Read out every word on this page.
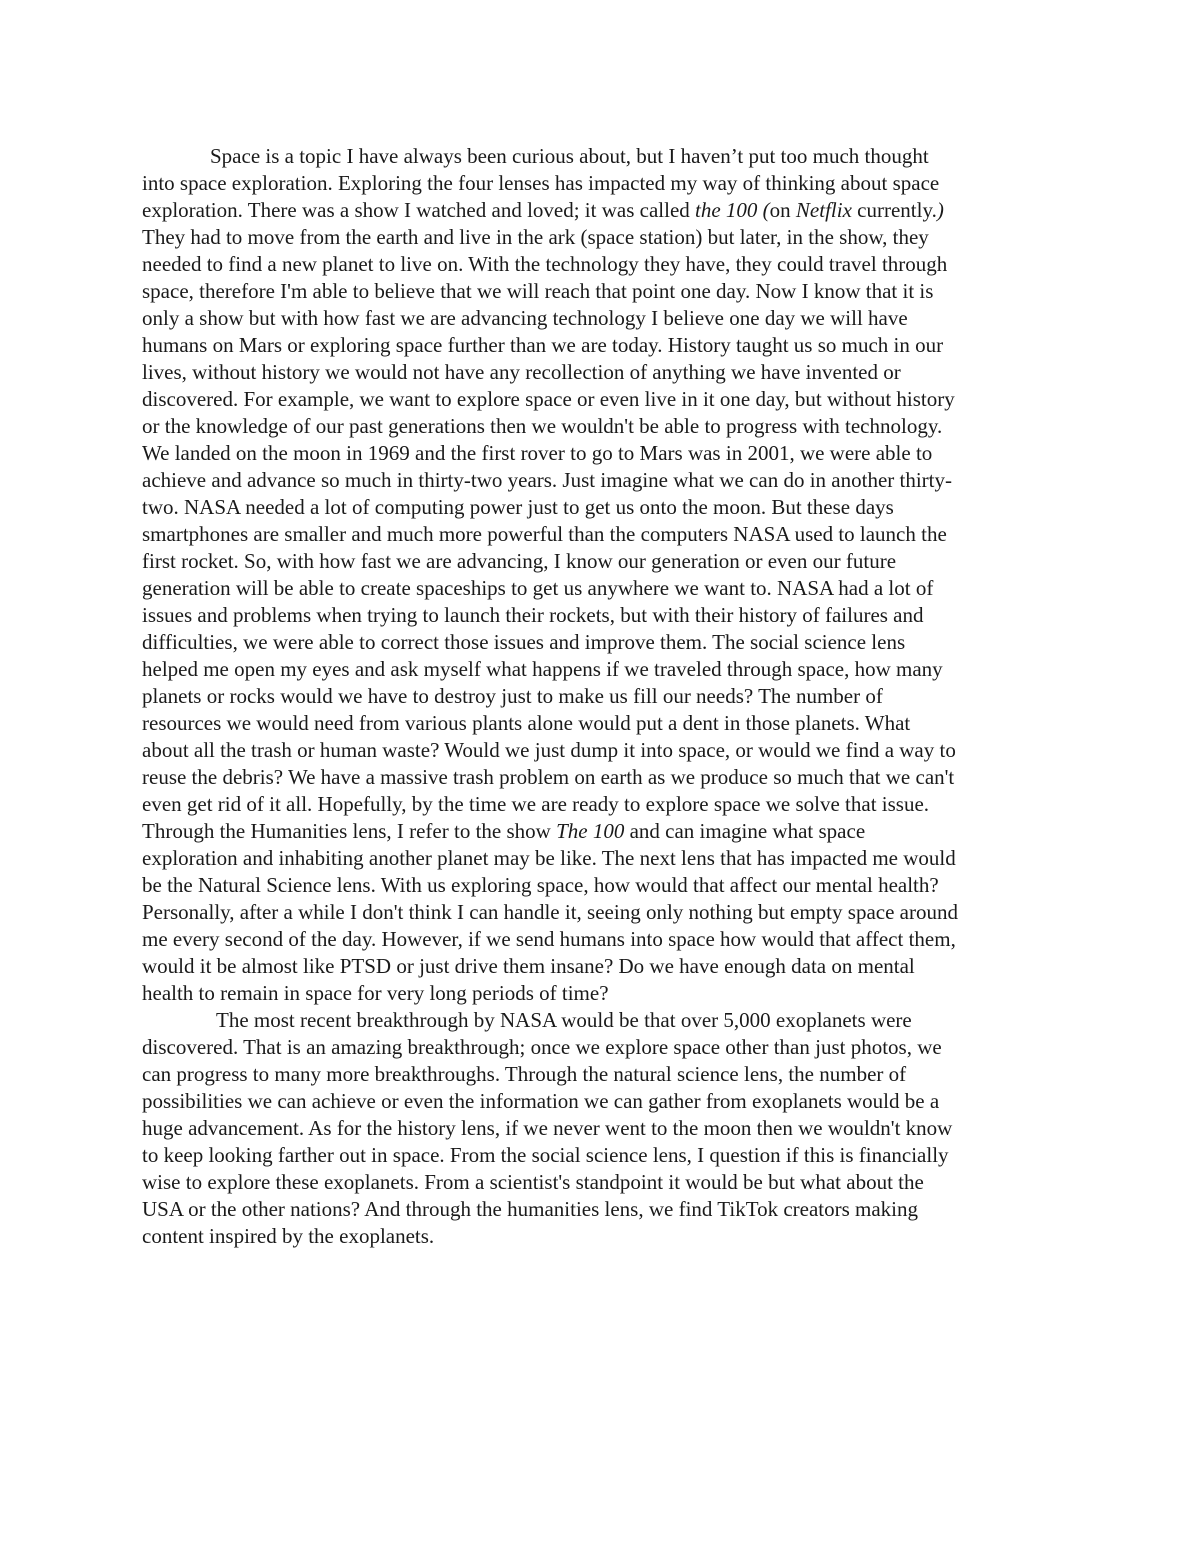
Space is a topic I have always been curious about, but I haven’t put too much thought
into space exploration. Exploring the four lenses has impacted my way of thinking about space
exploration. There was a show I watched and loved; it was called the 100 (on Netflix currently.)
They had to move from the earth and live in the ark (space station) but later, in the show, they
needed to find a new planet to live on. With the technology they have, they could travel through
space, therefore I'm able to believe that we will reach that point one day. Now I know that it is
only a show but with how fast we are advancing technology I believe one day we will have
humans on Mars or exploring space further than we are today. History taught us so much in our
lives, without history we would not have any recollection of anything we have invented or
discovered. For example, we want to explore space or even live in it one day, but without history
or the knowledge of our past generations then we wouldn't be able to progress with technology.
We landed on the moon in 1969 and the first rover to go to Mars was in 2001, we were able to
achieve and advance so much in thirty-two years. Just imagine what we can do in another thirty-
two. NASA needed a lot of computing power just to get us onto the moon. But these days
smartphones are smaller and much more powerful than the computers NASA used to launch the
first rocket. So, with how fast we are advancing, I know our generation or even our future
generation will be able to create spaceships to get us anywhere we want to. NASA had a lot of
issues and problems when trying to launch their rockets, but with their history of failures and
difficulties, we were able to correct those issues and improve them. The social science lens
helped me open my eyes and ask myself what happens if we traveled through space, how many
planets or rocks would we have to destroy just to make us fill our needs? The number of
resources we would need from various plants alone would put a dent in those planets. What
about all the trash or human waste? Would we just dump it into space, or would we find a way to
reuse the debris? We have a massive trash problem on earth as we produce so much that we can't
even get rid of it all. Hopefully, by the time we are ready to explore space we solve that issue.
Through the Humanities lens, I refer to the show The 100 and can imagine what space
exploration and inhabiting another planet may be like. The next lens that has impacted me would
be the Natural Science lens. With us exploring space, how would that affect our mental health?
Personally, after a while I don't think I can handle it, seeing only nothing but empty space around
me every second of the day. However, if we send humans into space how would that affect them,
would it be almost like PTSD or just drive them insane? Do we have enough data on mental
health to remain in space for very long periods of time?
The most recent breakthrough by NASA would be that over 5,000 exoplanets were
discovered. That is an amazing breakthrough; once we explore space other than just photos, we
can progress to many more breakthroughs. Through the natural science lens, the number of
possibilities we can achieve or even the information we can gather from exoplanets would be a
huge advancement. As for the history lens, if we never went to the moon then we wouldn't know
to keep looking farther out in space. From the social science lens, I question if this is financially
wise to explore these exoplanets. From a scientist's standpoint it would be but what about the
USA or the other nations? And through the humanities lens, we find TikTok creators making
content inspired by the exoplanets.
